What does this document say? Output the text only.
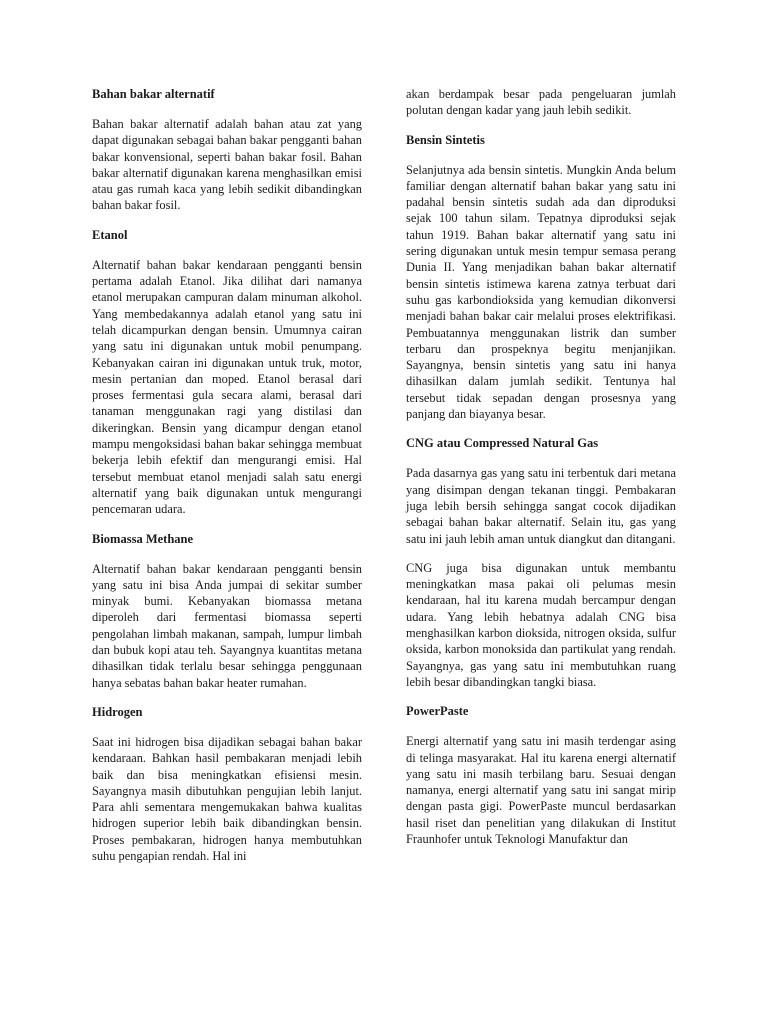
Bahan bakar alternatif

Bahan bakar alternatif adalah bahan atau zat yang dapat digunakan sebagai bahan bakar pengganti bahan bakar konvensional, seperti bahan bakar fosil. Bahan bakar alternatif digunakan karena menghasilkan emisi atau gas rumah kaca yang lebih sedikit dibandingkan bahan bakar fosil.

Etanol

Alternatif bahan bakar kendaraan pengganti bensin pertama adalah Etanol. Jika dilihat dari namanya etanol merupakan campuran dalam minuman alkohol. Yang membedakannya adalah etanol yang satu ini telah dicampurkan dengan bensin. Umumnya cairan yang satu ini digunakan untuk mobil penumpang. Kebanyakan cairan ini digunakan untuk truk, motor, mesin pertanian dan moped. Etanol berasal dari proses fermentasi gula secara alami, berasal dari tanaman menggunakan ragi yang distilasi dan dikeringkan. Bensin yang dicampur dengan etanol mampu mengoksidasi bahan bakar sehingga membuat bekerja lebih efektif dan mengurangi emisi. Hal tersebut membuat etanol menjadi salah satu energi alternatif yang baik digunakan untuk mengurangi pencemaran udara.

Biomassa Methane

Alternatif bahan bakar kendaraan pengganti bensin yang satu ini bisa Anda jumpai di sekitar sumber minyak bumi. Kebanyakan biomassa metana diperoleh dari fermentasi biomassa seperti pengolahan limbah makanan, sampah, lumpur limbah dan bubuk kopi atau teh. Sayangnya kuantitas metana dihasilkan tidak terlalu besar sehingga penggunaan hanya sebatas bahan bakar heater rumahan.

Hidrogen

Saat ini hidrogen bisa dijadikan sebagai bahan bakar kendaraan. Bahkan hasil pembakaran menjadi lebih baik dan bisa meningkatkan efisiensi mesin. Sayangnya masih dibutuhkan pengujian lebih lanjut. Para ahli sementara mengemukakan bahwa kualitas hidrogen superior lebih baik dibandingkan bensin. Proses pembakaran, hidrogen hanya membutuhkan suhu pengapian rendah. Hal ini

akan berdampak besar pada pengeluaran jumlah polutan dengan kadar yang jauh lebih sedikit.

Bensin Sintetis

Selanjutnya ada bensin sintetis. Mungkin Anda belum familiar dengan alternatif bahan bakar yang satu ini padahal bensin sintetis sudah ada dan diproduksi sejak 100 tahun silam. Tepatnya diproduksi sejak tahun 1919. Bahan bakar alternatif yang satu ini sering digunakan untuk mesin tempur semasa perang Dunia II. Yang menjadikan bahan bakar alternatif bensin sintetis istimewa karena zatnya terbuat dari suhu gas karbondioksida yang kemudian dikonversi menjadi bahan bakar cair melalui proses elektrifikasi. Pembuatannya menggunakan listrik dan sumber terbaru dan prospeknya begitu menjanjikan. Sayangnya, bensin sintetis yang satu ini hanya dihasilkan dalam jumlah sedikit. Tentunya hal tersebut tidak sepadan dengan prosesnya yang panjang dan biayanya besar.

CNG atau Compressed Natural Gas

Pada dasarnya gas yang satu ini terbentuk dari metana yang disimpan dengan tekanan tinggi. Pembakaran juga lebih bersih sehingga sangat cocok dijadikan sebagai bahan bakar alternatif. Selain itu, gas yang satu ini jauh lebih aman untuk diangkut dan ditangani.

CNG juga bisa digunakan untuk membantu meningkatkan masa pakai oli pelumas mesin kendaraan, hal itu karena mudah bercampur dengan udara. Yang lebih hebatnya adalah CNG bisa menghasilkan karbon dioksida, nitrogen oksida, sulfur oksida, karbon monoksida dan partikulat yang rendah. Sayangnya, gas yang satu ini membutuhkan ruang lebih besar dibandingkan tangki biasa.

PowerPaste

Energi alternatif yang satu ini masih terdengar asing di telinga masyarakat. Hal itu karena energi alternatif yang satu ini masih terbilang baru. Sesuai dengan namanya, energi alternatif yang satu ini sangat mirip dengan pasta gigi. PowerPaste muncul berdasarkan hasil riset dan penelitian yang dilakukan di Institut Fraunhofer untuk Teknologi Manufaktur dan
